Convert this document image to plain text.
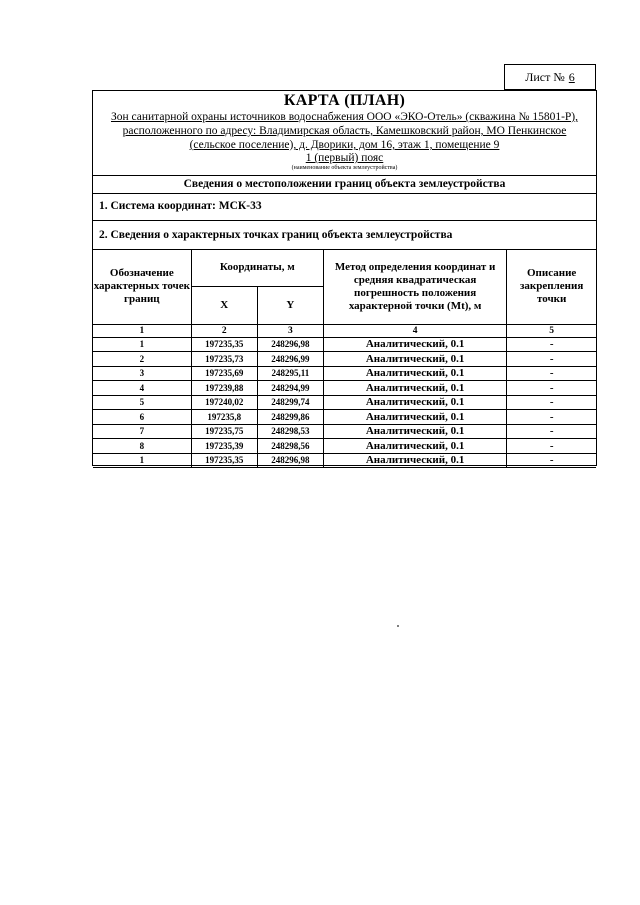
Лист № 6
КАРТА (ПЛАН)
Зон санитарной охраны источников водоснабжения ООО «ЭКО-Отель» (скважина № 15801-Р), расположенного по адресу: Владимирская область, Камешковский район, МО Пенкинское (сельское поселение), д. Дворики, дом 16, этаж 1, помещение 9
1 (первый) пояс
(наименование объекта землеустройства)
Сведения о местоположении границ объекта землеустройства
1. Система координат: МСК-33
2. Сведения о характерных точках границ объекта землеустройства
Обозначение характерных точек границ	Координаты, м		Метод определения координат и средняя квадратическая погрешность положения характерной точки (Mt), м	Описание закрепления точки
	X	Y		
1	2	3	4	5
1	197235,35	248296,98	Аналитический, 0.1	-
2	197235,73	248296,99	Аналитический, 0.1	-
3	197235,69	248295,11	Аналитический, 0.1	-
4	197239,88	248294,99	Аналитический, 0.1	-
5	197240,02	248299,74	Аналитический, 0.1	-
6	197235,8	248299,86	Аналитический, 0.1	-
7	197235,75	248298,53	Аналитический, 0.1	-
8	197235,39	248298,56	Аналитический, 0.1	-
1	197235,35	248296,98	Аналитический, 0.1	-
